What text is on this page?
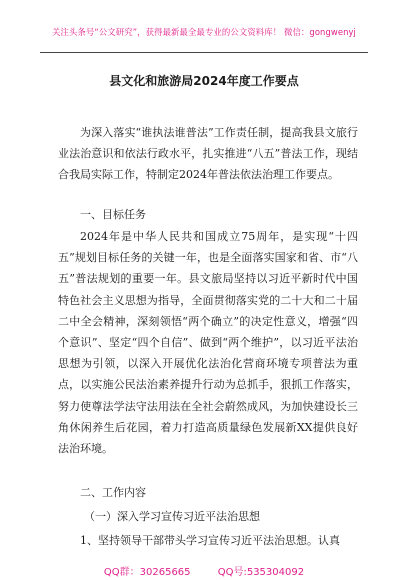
关注头条号“公文研究”，获得最新最全最专业的公文资料库！ 微信：gongwenyj
县文化和旅游局2024年度工作要点

为深入落实“谁执法谁普法”工作责任制，提高我县文旅行业法治意识和依法行政水平，扎实推进“八五”普法工作，现结合我局实际工作，特制定2024年普法依法治理工作要点。

一、目标任务

2024年是中华人民共和国成立75周年，是实现“十四五”规划目标任务的关键一年，也是全面落实国家和省、市“八五”普法规划的重要一年。县文旅局坚持以习近平新时代中国特色社会主义思想为指导，全面贯彻落实党的二十大和二十届二中全会精神，深刻领悟“两个确立”的决定性意义，增强“四个意识”、坚定“四个自信”、做到“两个维护”，以习近平法治思想为引领，以深入开展优化法治化营商环境专项普法为重点，以实施公民法治素养提升行动为总抓手，狠抓工作落实，努力使尊法学法守法用法在全社会蔚然成风，为加快建设长三角休闲养生后花园，着力打造高质量绿色发展新XX提供良好法治环境。

二、工作内容

（一）深入学习宣传习近平法治思想

1、坚持领导干部带头学习宣传习近平法治思想。认真

QQ群：30265665	QQ号:535304092
